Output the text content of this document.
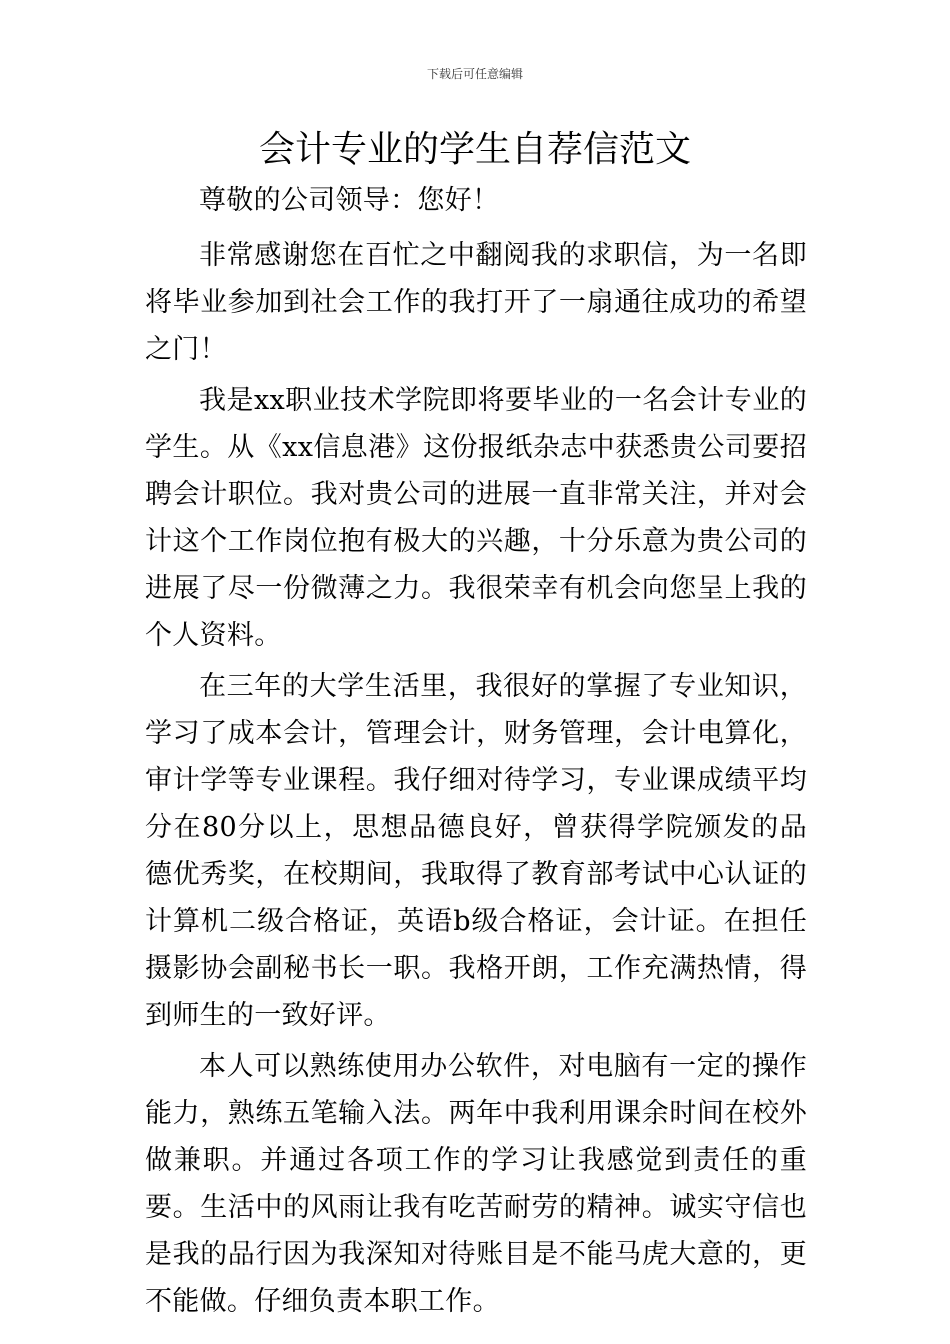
下载后可任意编辑
会计专业的学生自荐信范文

尊敬的公司领导：您好！

非常感谢您在百忙之中翻阅我的求职信，为一名即将毕业参加到社会工作的我打开了一扇通往成功的希望之门！

我是xx职业技术学院即将要毕业的一名会计专业的学生。从《xx信息港》这份报纸杂志中获悉贵公司要招聘会计职位。我对贵公司的进展一直非常关注，并对会计这个工作岗位抱有极大的兴趣，十分乐意为贵公司的进展了尽一份微薄之力。我很荣幸有机会向您呈上我的个人资料。

在三年的大学生活里，我很好的掌握了专业知识，学习了成本会计，管理会计，财务管理，会计电算化，审计学等专业课程。我仔细对待学习，专业课成绩平均分在80分以上，思想品德良好，曾获得学院颁发的品德优秀奖，在校期间，我取得了教育部考试中心认证的计算机二级合格证，英语b级合格证，会计证。在担任摄影协会副秘书长一职。我格开朗，工作充满热情，得到师生的一致好评。

本人可以熟练使用办公软件，对电脑有一定的操作能力，熟练五笔输入法。两年中我利用课余时间在校外做兼职。并通过各项工作的学习让我感觉到责任的重要。生活中的风雨让我有吃苦耐劳的精神。诚实守信也是我的品行因为我深知对待账目是不能马虎大意的，更不能做。仔细负责本职工作。
